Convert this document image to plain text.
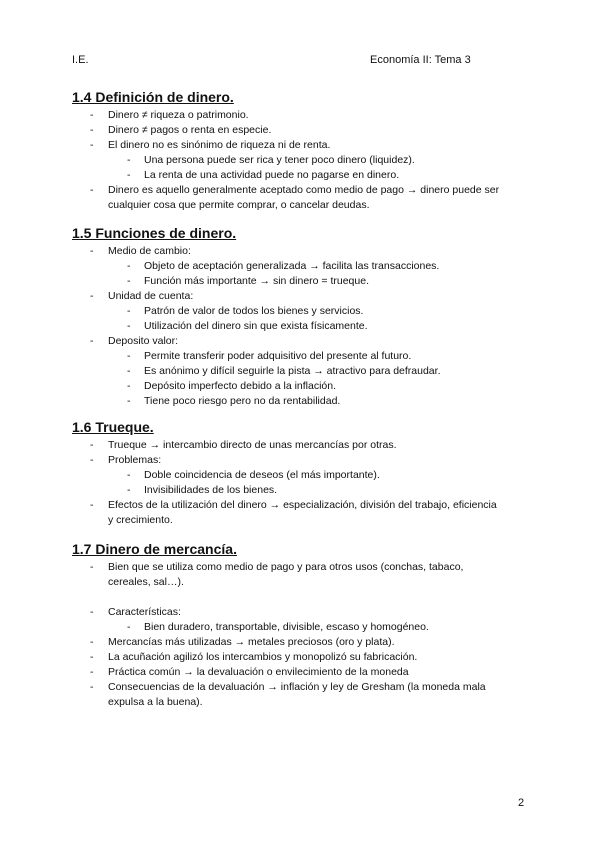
I.E.	Economía II: Tema 3
1.4 Definición de dinero.
- Dinero ≠ riqueza o patrimonio.
- Dinero ≠ pagos o renta en especie.
- El dinero no es sinónimo de riqueza ni de renta.
- Una persona puede ser rica y tener poco dinero (liquidez).
- La renta de una actividad puede no pagarse en dinero.
- Dinero es aquello generalmente aceptado como medio de pago → dinero puede ser
cualquier cosa que permite comprar, o cancelar deudas.
1.5 Funciones de dinero.
- Medio de cambio:
- Objeto de aceptación generalizada → facilita las transacciones.
- Función más importante → sin dinero = trueque.
- Unidad de cuenta:
- Patrón de valor de todos los bienes y servicios.
- Utilización del dinero sin que exista físicamente.
- Deposito valor:
- Permite transferir poder adquisitivo del presente al futuro.
- Es anónimo y difícil seguirle la pista → atractivo para defraudar.
- Depósito imperfecto debido a la inflación.
- Tiene poco riesgo pero no da rentabilidad.
1.6 Trueque.
- Trueque → intercambio directo de unas mercancías por otras.
- Problemas:
- Doble coincidencia de deseos (el más importante).
- Invisibilidades de los bienes.
- Efectos de la utilización del dinero → especialización, división del trabajo, eficiencia
y crecimiento.
1.7 Dinero de mercancía.
- Bien que se utiliza como medio de pago y para otros usos (conchas, tabaco,
cereales, sal…).
- Características:
- Bien duradero, transportable, divisible, escaso y homogéneo.
- Mercancías más utilizadas → metales preciosos (oro y plata).
- La acuñación agilizó los intercambios y monopolizó su fabricación.
- Práctica común → la devaluación o envilecimiento de la moneda
- Consecuencias de la devaluación → inflación y ley de Gresham (la moneda mala
expulsa a la buena).
2
